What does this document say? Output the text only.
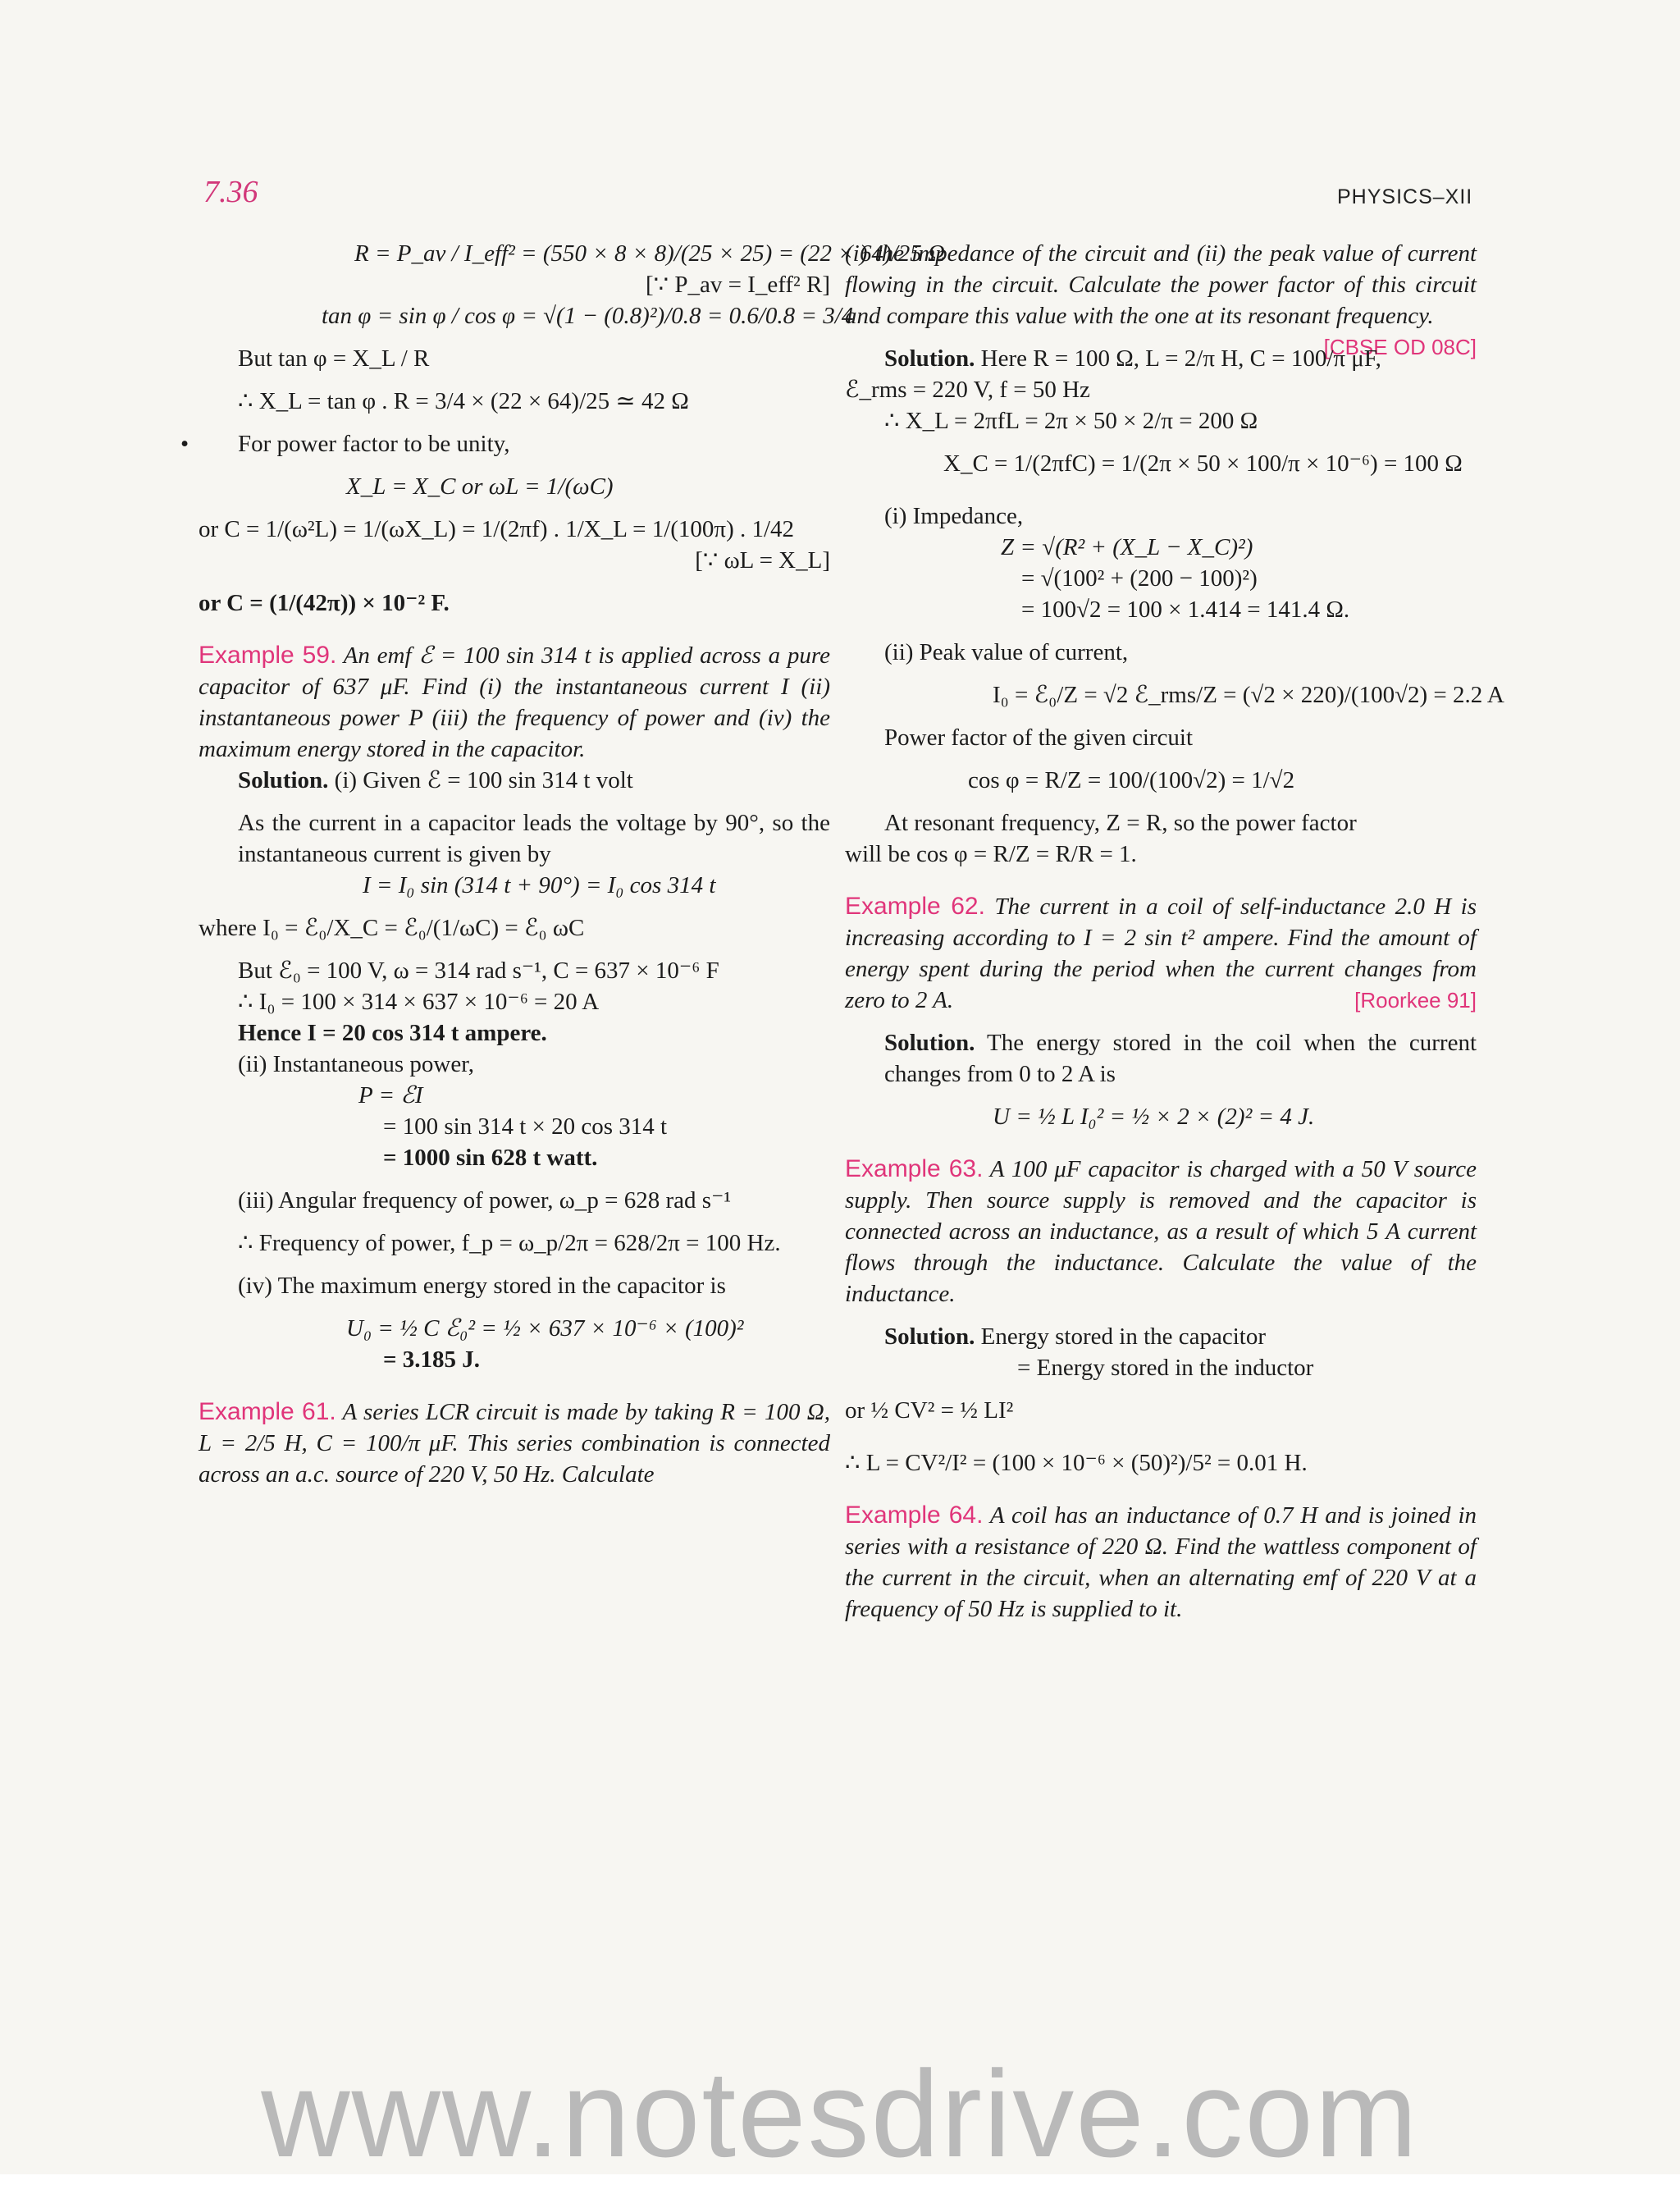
7.36	PHYSICS–XII
R = P_av / I_eff² = (550 × 8 × 8)/(25 × 25) = (22 × 64)/25 Ω
[∵ P_av = I_eff² R]
tan φ = sin φ / cos φ = √(1 − (0.8)²)/0.8 = 0.6/0.8 = 3/4
But tan φ = X_L / R
∴ X_L = tan φ . R = 3/4 × (22 × 64)/25 ≃ 42 Ω
• For power factor to be unity,
X_L = X_C or ωL = 1/(ωC)
or C = 1/(ω²L) = 1/(ωX_L) = 1/(2πf) . 1/X_L = 1/(100π) . 1/42
[∵ ωL = X_L]
or C = (1/(42π)) × 10⁻² F.
Example 59. An emf ℰ = 100 sin 314 t is applied across a pure capacitor of 637 μF. Find (i) the instantaneous current I (ii) instantaneous power P (iii) the frequency of power and (iv) the maximum energy stored in the capacitor.
Solution. (i) Given ℰ = 100 sin 314 t volt
As the current in a capacitor leads the voltage by 90°, so the instantaneous current is given by
I = I₀ sin (314 t + 90°) = I₀ cos 314 t
where I₀ = ℰ₀/X_C = ℰ₀/(1/ωC) = ℰ₀ ωC
But ℰ₀ = 100 V, ω = 314 rad s⁻¹, C = 637 × 10⁻⁶ F
∴ I₀ = 100 × 314 × 637 × 10⁻⁶ = 20 A
Hence I = 20 cos 314 t ampere.
(ii) Instantaneous power,
P = ℰI
= 100 sin 314 t × 20 cos 314 t
= 1000 sin 628 t watt.
(iii) Angular frequency of power, ω_p = 628 rad s⁻¹
∴ Frequency of power, f_p = ω_p/2π = 628/2π = 100 Hz.
(iv) The maximum energy stored in the capacitor is
U₀ = ½ C ℰ₀² = ½ × 637 × 10⁻⁶ × (100)²
= 3.185 J.
Example 61. A series LCR circuit is made by taking R = 100 Ω, L = 2/5 H, C = 100/π μF. This series combination is connected across an a.c. source of 220 V, 50 Hz. Calculate
(i) the impedance of the circuit and (ii) the peak value of current flowing in the circuit. Calculate the power factor of this circuit and compare this value with the one at its resonant frequency.
[CBSE OD 08C]
Solution. Here R = 100 Ω, L = 2/π H, C = 100/π μF,
ℰ_rms = 220 V, f = 50 Hz
∴ X_L = 2πfL = 2π × 50 × 2/π = 200 Ω
X_C = 1/(2πfC) = 1/(2π × 50 × 100/π × 10⁻⁶) = 100 Ω
(i) Impedance,
Z = √(R² + (X_L − X_C)²)
= √(100² + (200 − 100)²)
= 100√2 = 100 × 1.414 = 141.4 Ω.
(ii) Peak value of current,
I₀ = ℰ₀/Z = √2 ℰ_rms/Z = (√2 × 220)/(100√2) = 2.2 A
Power factor of the given circuit
cos φ = R/Z = 100/(100√2) = 1/√2
At resonant frequency, Z = R, so the power factor
will be cos φ = R/Z = R/R = 1.
Example 62. The current in a coil of self-inductance 2.0 H is increasing according to I = 2 sin t² ampere. Find the amount of energy spent during the period when the current changes from zero to 2 A.	[Roorkee 91]
Solution. The energy stored in the coil when the current changes from 0 to 2 A is
U = ½ L I₀² = ½ × 2 × (2)² = 4 J.
Example 63. A 100 μF capacitor is charged with a 50 V source supply. Then source supply is removed and the capacitor is connected across an inductance, as a result of which 5 A current flows through the inductance. Calculate the value of the inductance.
Solution. Energy stored in the capacitor
= Energy stored in the inductor
or ½ CV² = ½ LI²
∴ L = CV²/I² = (100 × 10⁻⁶ × (50)²)/5² = 0.01 H.
Example 64. A coil has an inductance of 0.7 H and is joined in series with a resistance of 220 Ω. Find the wattless component of the current in the circuit, when an alternating emf of 220 V at a frequency of 50 Hz is supplied to it.
www.notesdrive.com
